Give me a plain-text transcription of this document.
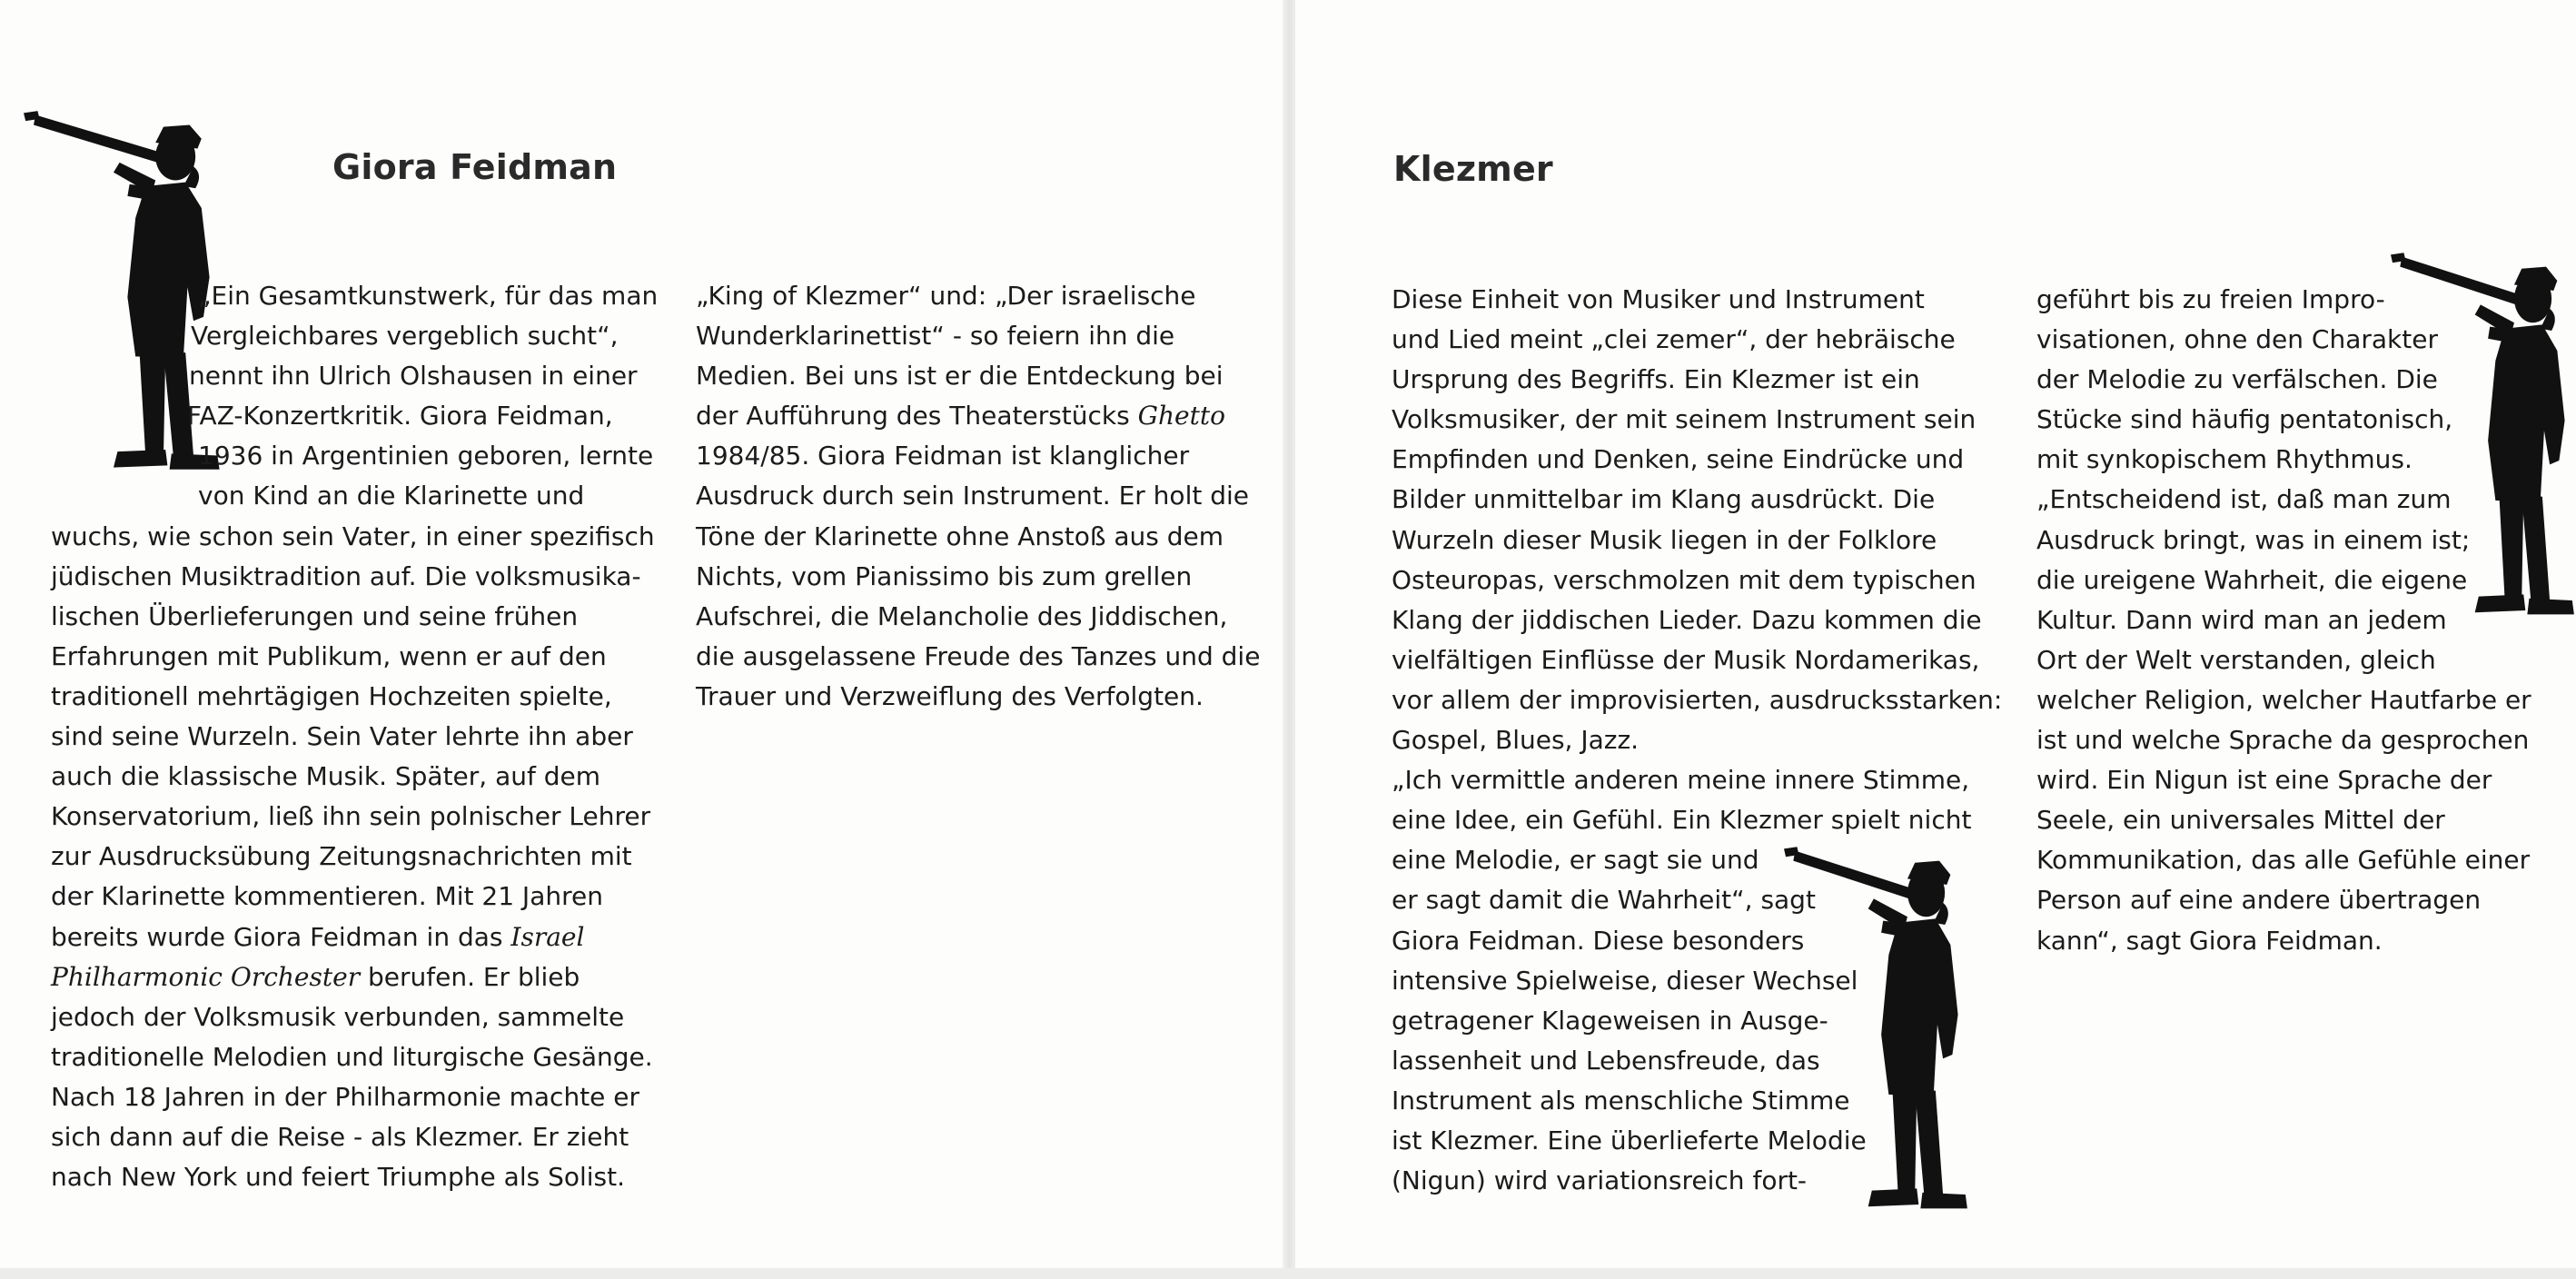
Giora Feidman

„Ein Gesamtkunstwerk, für das man

Vergleichbares vergeblich sucht“,

nennt ihn Ulrich Olshausen in einer

FAZ-Konzertkritik. Giora Feidman,

1936 in Argentinien geboren, lernte

von Kind an die Klarinette und

wuchs, wie schon sein Vater, in einer spezifisch

jüdischen Musiktradition auf. Die volksmusika-

lischen Überlieferungen und seine frühen

Erfahrungen mit Publikum, wenn er auf den

traditionell mehrtägigen Hochzeiten spielte,

sind seine Wurzeln. Sein Vater lehrte ihn aber

auch die klassische Musik. Später, auf dem

Konservatorium, ließ ihn sein polnischer Lehrer

zur Ausdrucksübung Zeitungsnachrichten mit

der Klarinette kommentieren. Mit 21 Jahren

bereits wurde Giora Feidman in das Israel

Philharmonic Orchester berufen. Er blieb

jedoch der Volksmusik verbunden, sammelte

traditionelle Melodien und liturgische Gesänge.

Nach 18 Jahren in der Philharmonie machte er

sich dann auf die Reise - als Klezmer. Er zieht

nach New York und feiert Triumphe als Solist.

„King of Klezmer“ und: „Der israelische

Wunderklarinettist“ - so feiern ihn die

Medien. Bei uns ist er die Entdeckung bei

der Aufführung des Theaterstücks Ghetto

1984/85. Giora Feidman ist klanglicher

Ausdruck durch sein Instrument. Er holt die

Töne der Klarinette ohne Anstoß aus dem

Nichts, vom Pianissimo bis zum grellen

Aufschrei, die Melancholie des Jiddischen,

die ausgelassene Freude des Tanzes und die

Trauer und Verzweiflung des Verfolgten.

Klezmer

Diese Einheit von Musiker und Instrument

und Lied meint „clei zemer“, der hebräische

Ursprung des Begriffs. Ein Klezmer ist ein

Volksmusiker, der mit seinem Instrument sein

Empfinden und Denken, seine Eindrücke und

Bilder unmittelbar im Klang ausdrückt. Die

Wurzeln dieser Musik liegen in der Folklore

Osteuropas, verschmolzen mit dem typischen

Klang der jiddischen Lieder. Dazu kommen die

vielfältigen Einflüsse der Musik Nordamerikas,

vor allem der improvisierten, ausdrucksstarken:

Gospel, Blues, Jazz.

„Ich vermittle anderen meine innere Stimme,

eine Idee, ein Gefühl. Ein Klezmer spielt nicht

eine Melodie, er sagt sie und

er sagt damit die Wahrheit“, sagt

Giora Feidman. Diese besonders

intensive Spielweise, dieser Wechsel

getragener Klageweisen in Ausge-

lassenheit und Lebensfreude, das

Instrument als menschliche Stimme

ist Klezmer. Eine überlieferte Melodie

(Nigun) wird variationsreich fort-

geführt bis zu freien Impro-

visationen, ohne den Charakter

der Melodie zu verfälschen. Die

Stücke sind häufig pentatonisch,

mit synkopischem Rhythmus.

„Entscheidend ist, daß man zum

Ausdruck bringt, was in einem ist;

die ureigene Wahrheit, die eigene

Kultur. Dann wird man an jedem

Ort der Welt verstanden, gleich

welcher Religion, welcher Hautfarbe er

ist und welche Sprache da gesprochen

wird. Ein Nigun ist eine Sprache der

Seele, ein universales Mittel der

Kommunikation, das alle Gefühle einer

Person auf eine andere übertragen

kann“, sagt Giora Feidman.
